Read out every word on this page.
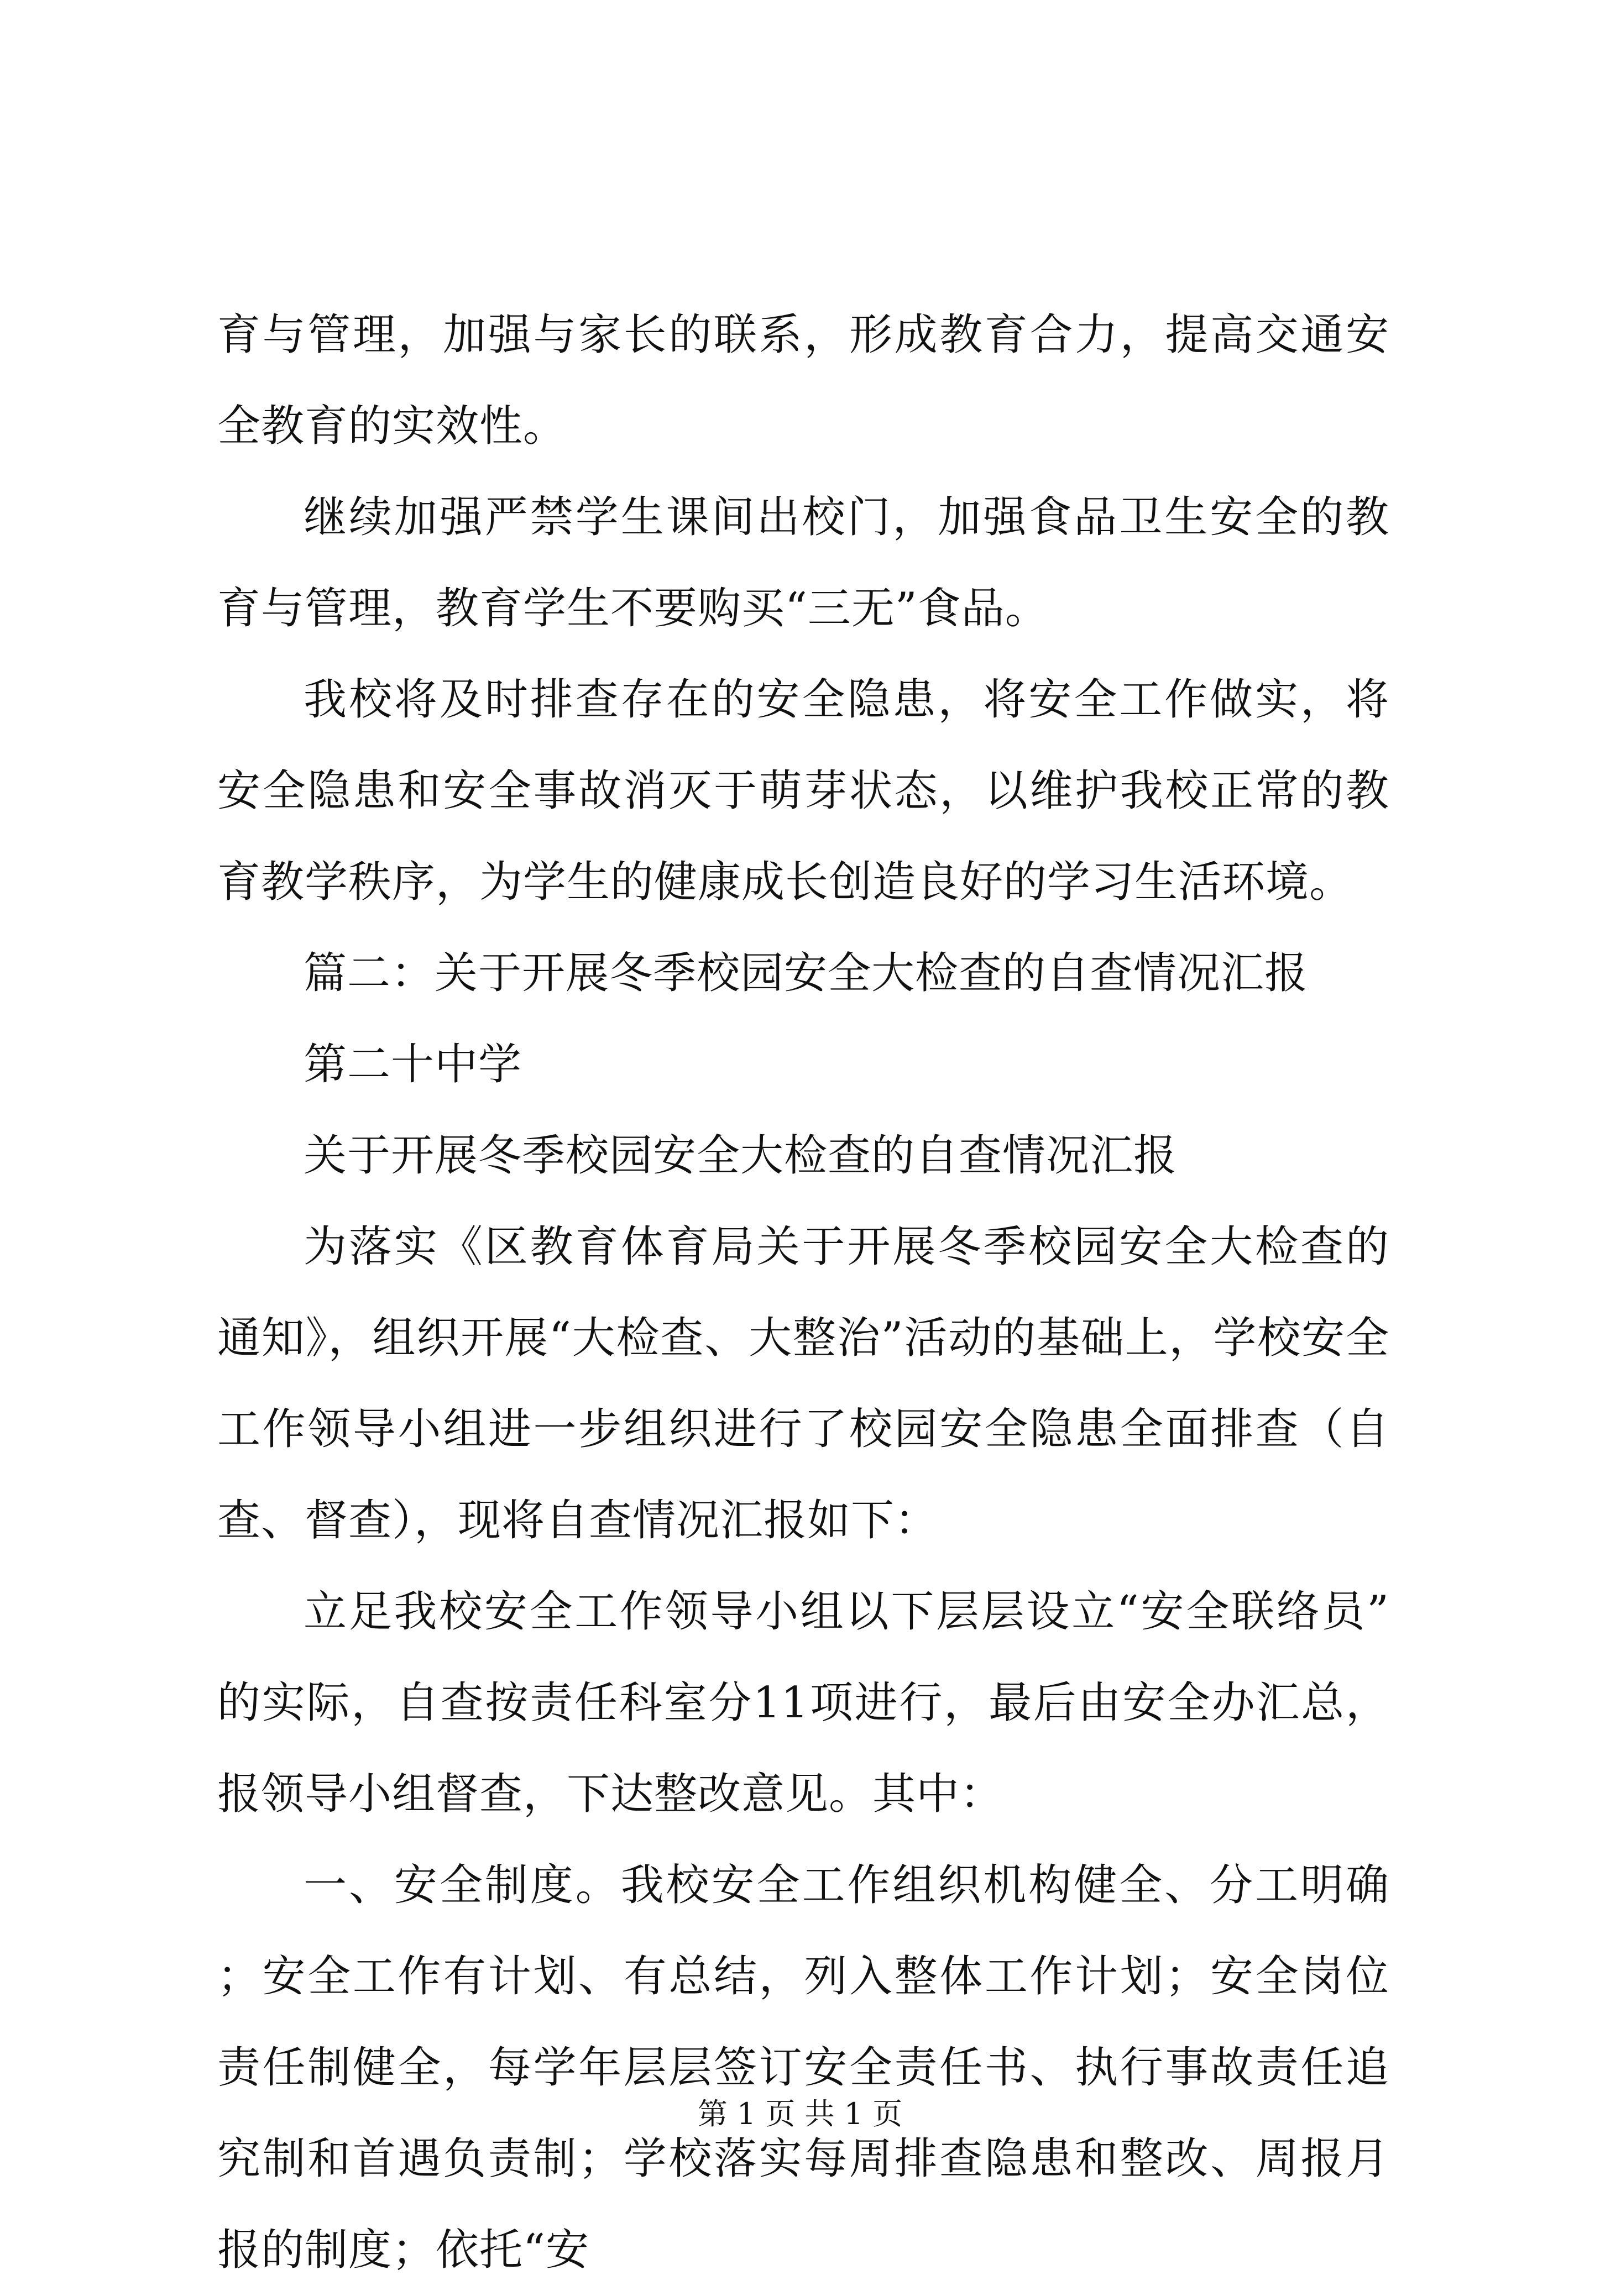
育与管理，加强与家长的联系，形成教育合力，提高交通安全教育的实效性。

继续加强严禁学生课间出校门，加强食品卫生安全的教育与管理，教育学生不要购买“三无”食品。

我校将及时排查存在的安全隐患，将安全工作做实，将安全隐患和安全事故消灭于萌芽状态，以维护我校正常的教育教学秩序，为学生的健康成长创造良好的学习生活环境。

篇二：关于开展冬季校园安全大检查的自查情况汇报

第二十中学

关于开展冬季校园安全大检查的自查情况汇报

为落实《区教育体育局关于开展冬季校园安全大检查的通知》，组织开展“大检查、大整治”活动的基础上，学校安全工作领导小组进一步组织进行了校园安全隐患全面排查（自查、督查），现将自查情况汇报如下：

立足我校安全工作领导小组以下层层设立“安全联络员”的实际，自查按责任科室分11项进行，最后由安全办汇总，报领导小组督查，下达整改意见。其中：

一、安全制度。我校安全工作组织机构健全、分工明确；安全工作有计划、有总结，列入整体工作计划；安全岗位责任制健全，每学年层层签订安全责任书、执行事故责任追究制和首遇负责制；学校落实每周排查隐患和整改、周报月报的制度；依托“安

第 1 页 共 1 页
